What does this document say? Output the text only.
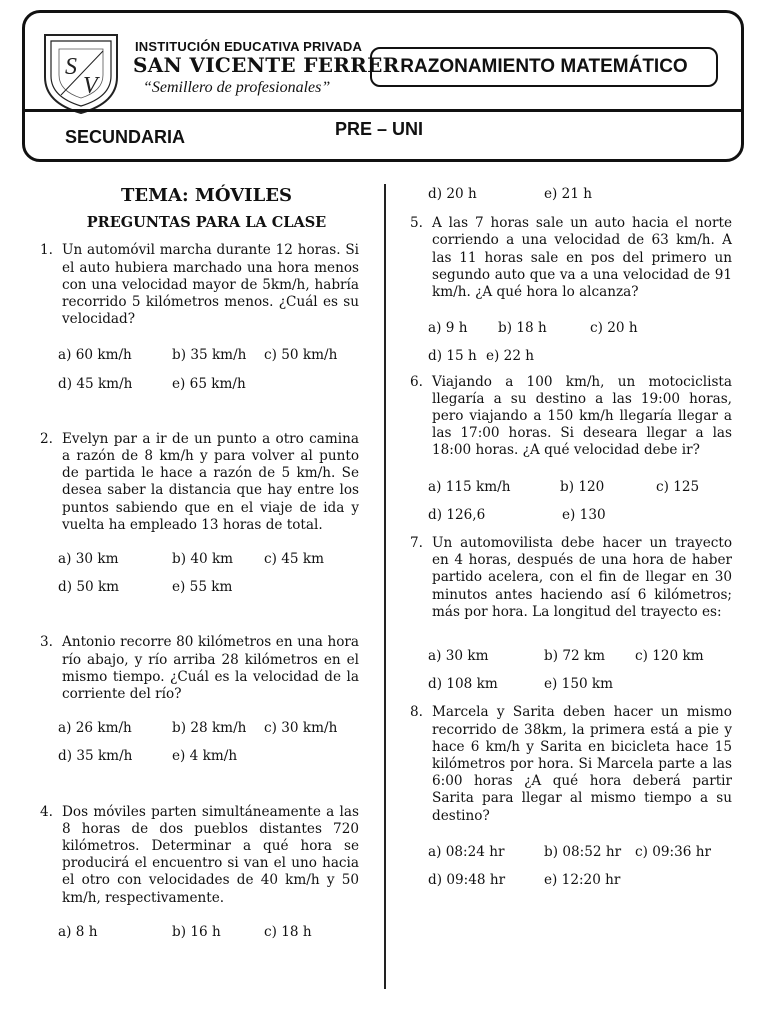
S
V
INSTITUCIÓN EDUCATIVA PRIVADA
SAN VICENTE FERRER
“Semillero de profesionales”
RAZONAMIENTO MATEMÁTICO
SECUNDARIA	PRE – UNI
TEMA: MÓVILES
PREGUNTAS PARA LA CLASE
1. Un automóvil marcha durante 12 horas. Si el auto hubiera marchado una hora menos con una velocidad mayor de 5km/h, habría recorrido 5 kilómetros menos. ¿Cuál es su velocidad?
a) 60 km/h	b) 35 km/h	c) 50 km/h
d) 45 km/h	e) 65 km/h
2. Evelyn par a ir de un punto a otro camina a razón de 8 km/h y para volver al punto de partida le hace a razón de 5 km/h. Se desea saber la distancia que hay entre los puntos sabiendo que en el viaje de ida y vuelta ha empleado 13 horas de total.
a) 30 km	b) 40 km	c) 45 km
d) 50 km	e) 55 km
3. Antonio recorre 80 kilómetros en una hora río abajo, y río arriba 28 kilómetros en el mismo tiempo. ¿Cuál es la velocidad de la corriente del río?
a) 26 km/h	b) 28 km/h	c) 30 km/h
d) 35 km/h	e) 4 km/h
4. Dos móviles parten simultáneamente a las 8 horas de dos pueblos distantes 720 kilómetros. Determinar a qué hora se producirá el encuentro si van el uno hacia el otro con velocidades de 40 km/h y 50 km/h, respectivamente.
a) 8 h	b) 16 h	c) 18 h
d) 20 h	e) 21 h
5. A las 7 horas sale un auto hacia el norte corriendo a una velocidad de 63 km/h. A las 11 horas sale en pos del primero un segundo auto que va a una velocidad de 91 km/h. ¿A qué hora lo alcanza?
a) 9 h	b) 18 h	c) 20 h
d) 15 h e) 22 h
6. Viajando a 100 km/h, un motociclista llegaría a su destino a las 19:00 horas, pero viajando a 150 km/h llegaría llegar a las 17:00 horas. Si deseara llegar a las 18:00 horas. ¿A qué velocidad debe ir?
a) 115 km/h	b) 120	c) 125
d) 126,6	e) 130
7. Un automovilista debe hacer un trayecto en 4 horas, después de una hora de haber partido acelera, con el fin de llegar en 30 minutos antes haciendo así 6 kilómetros; más por hora. La longitud del trayecto es:
a) 30 km	b) 72 km	c) 120 km
d) 108 km	e) 150 km
8. Marcela y Sarita deben hacer un mismo recorrido de 38km, la primera está a pie y hace 6 km/h y Sarita en bicicleta hace 15 kilómetros por hora. Si Marcela parte a las 6:00 horas ¿A qué hora deberá partir Sarita para llegar al mismo tiempo a su destino?
a) 08:24 hr	b) 08:52 hr	c) 09:36 hr
d) 09:48 hr	e) 12:20 hr
